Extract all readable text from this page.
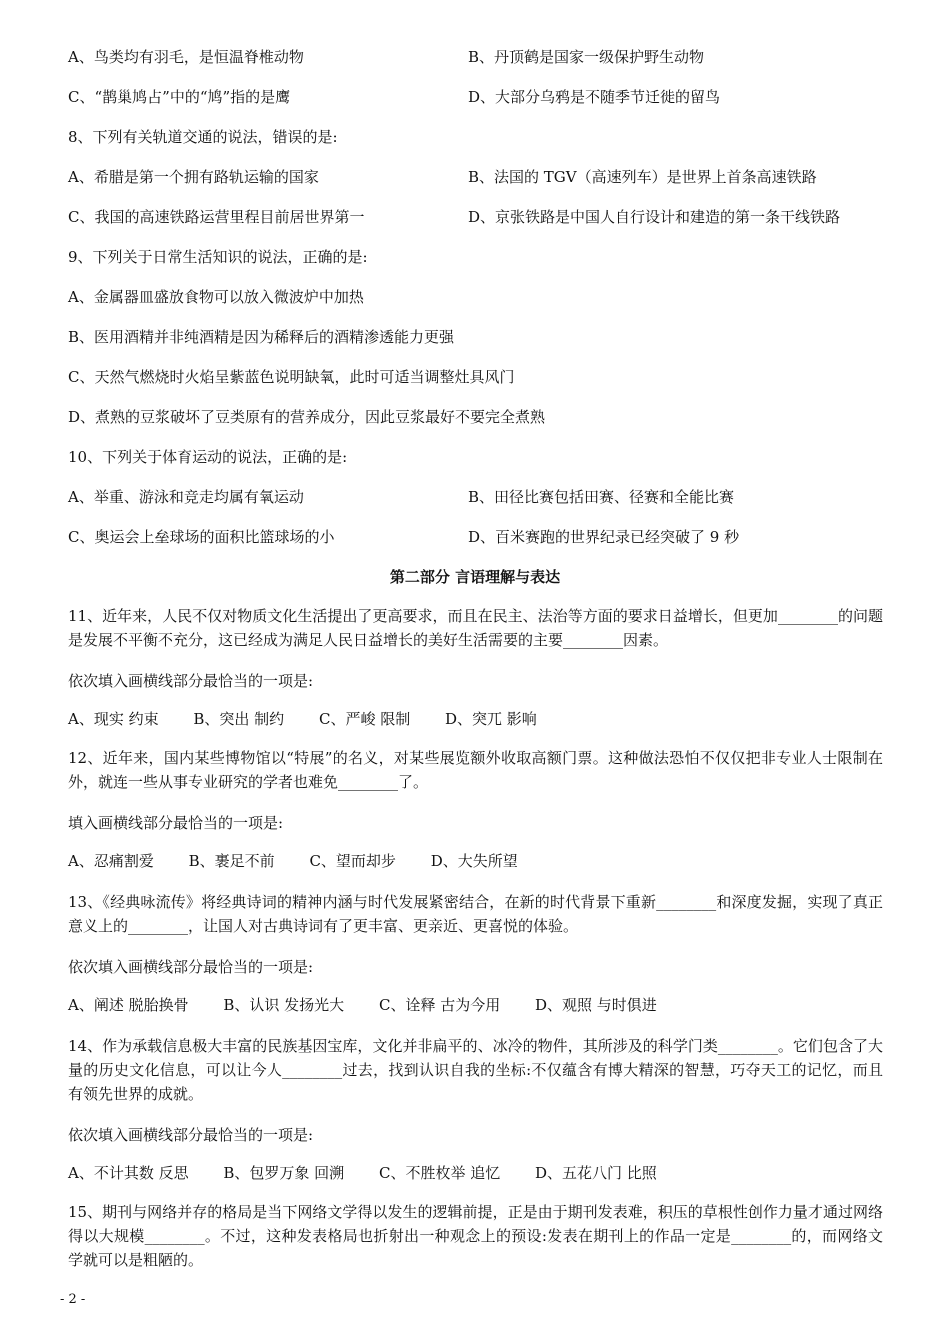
A、鸟类均有羽毛，是恒温脊椎动物	B、丹顶鹤是国家一级保护野生动物
C、“鹊巢鸠占”中的“鸠”指的是鹰	D、大部分乌鸦是不随季节迁徙的留鸟
8、下列有关轨道交通的说法，错误的是:
A、希腊是第一个拥有路轨运输的国家	B、法国的 TGV（高速列车）是世界上首条高速铁路
C、我国的高速铁路运营里程目前居世界第一	D、京张铁路是中国人自行设计和建造的第一条干线铁路
9、下列关于日常生活知识的说法，正确的是:
A、金属器皿盛放食物可以放入微波炉中加热
B、医用酒精并非纯酒精是因为稀释后的酒精渗透能力更强
C、天然气燃烧时火焰呈紫蓝色说明缺氧，此时可适当调整灶具风门
D、煮熟的豆浆破坏了豆类原有的营养成分，因此豆浆最好不要完全煮熟
10、下列关于体育运动的说法，正确的是:
A、举重、游泳和竞走均属有氧运动	B、田径比赛包括田赛、径赛和全能比赛
C、奥运会上垒球场的面积比篮球场的小	D、百米赛跑的世界纪录已经突破了 9 秒
第二部分 言语理解与表达
11、近年来，人民不仅对物质文化生活提出了更高要求，而且在民主、法治等方面的要求日益增长，但更加________的问题是发展不平衡不充分，这已经成为满足人民日益增长的美好生活需要的主要________因素。
依次填入画横线部分最恰当的一项是:
A、现实 约束 B、突出 制约 C、严峻 限制 D、突兀 影响
12、近年来，国内某些博物馆以“特展”的名义，对某些展览额外收取高额门票。这种做法恐怕不仅仅把非专业人士限制在外，就连一些从事专业研究的学者也难免________了。
填入画横线部分最恰当的一项是:
A、忍痛割爱 B、裹足不前 C、望而却步 D、大失所望
13、《经典咏流传》将经典诗词的精神内涵与时代发展紧密结合，在新的时代背景下重新________和深度发掘，实现了真正意义上的________，让国人对古典诗词有了更丰富、更亲近、更喜悦的体验。
依次填入画横线部分最恰当的一项是:
A、阐述 脱胎换骨 B、认识 发扬光大 C、诠释 古为今用 D、观照 与时俱进
14、作为承载信息极大丰富的民族基因宝库，文化并非扁平的、冰冷的物件，其所涉及的科学门类________。它们包含了大量的历史文化信息，可以让今人________过去，找到认识自我的坐标:不仅蕴含有博大精深的智慧，巧夺天工的记忆，而且有领先世界的成就。
依次填入画横线部分最恰当的一项是:
A、不计其数 反思 B、包罗万象 回溯 C、不胜枚举 追忆 D、五花八门 比照
15、期刊与网络并存的格局是当下网络文学得以发生的逻辑前提，正是由于期刊发表难，积压的草根性创作力量才通过网络得以大规模________。不过，这种发表格局也折射出一种观念上的预设:发表在期刊上的作品一定是________的，而网络文学就可以是粗陋的。
- 2 -
